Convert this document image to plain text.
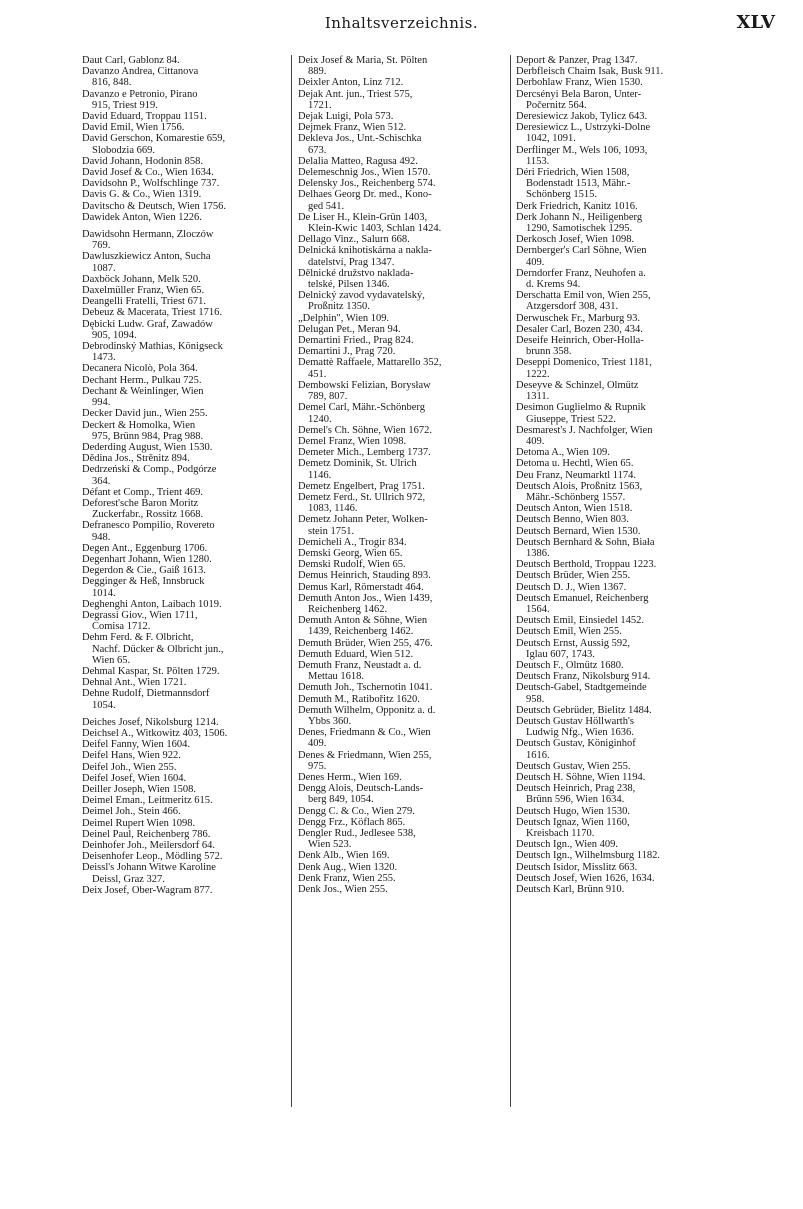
Inhaltsverzeichnis.	XLV
Daut Carl, Gablonz 84.
Davanzo Andrea, Cittanova
816, 848.
Davanzo e Petronio, Pirano
915, Triest 919.
David Eduard, Troppau 1151.
David Emil, Wien 1756.
David Gerschon, Komarestie 659,
Slobodzia 669.
David Johann, Hodonin 858.
David Josef & Co., Wien 1634.
Davidsohn P., Wolfschlinge 737.
Davis G. & Co., Wien 1319.
Davitscho & Deutsch, Wien 1756.
Dawidek Anton, Wien 1226.
Dawidsohn Hermann, Zloczów
769.
Dawluszkiewicz Anton, Sucha
1087.
Daxböck Johann, Melk 520.
Daxelmüller Franz, Wien 65.
Deangelli Fratelli, Triest 671.
Debeuz & Macerata, Triest 1716.
Dębicki Ludw. Graf, Zawadów
905, 1094.
Debrodinský Mathias, Königseck
1473.
Decanera Nicolò, Pola 364.
Dechant Herm., Pulkau 725.
Dechant & Weinlinger, Wien
994.
Decker David jun., Wien 255.
Deckert & Homolka, Wien
975, Brünn 984, Prag 988.
Dederding August, Wien 1530.
Dědina Jos., Strěnitz 894.
Dedrzeński & Comp., Podgórze
364.
Défant et Comp., Trient 469.
Deforest'sche Baron Moritz
Zuckerfabr., Rossitz 1668.
Defranesco Pompilio, Rovereto
948.
Degen Ant., Eggenburg 1706.
Degenhart Johann, Wien 1280.
Degerdon & Cie., Gaiß 1613.
Degginger & Heß, Innsbruck
1014.
Deghenghi Anton, Laibach 1019.
Degrassi Giov., Wien 1711,
Comisa 1712.
Dehm Ferd. & F. Olbricht,
Nachf. Dücker & Olbricht jun.,
Wien 65.
Dehmal Kaspar, St. Pölten 1729.
Dehnal Ant., Wien 1721.
Dehne Rudolf, Dietmannsdorf
1054.
Deiches Josef, Nikolsburg 1214.
Deichsel A., Witkowitz 403, 1506.
Deifel Fanny, Wien 1604.
Deifel Hans, Wien 922.
Deifel Joh., Wien 255.
Deifel Josef, Wien 1604.
Deiller Joseph, Wien 1508.
Deimel Eman., Leitmeritz 615.
Deimel Joh., Stein 466.
Deimel Rupert Wien 1098.
Deinel Paul, Reichenberg 786.
Deinhofer Joh., Meilersdorf 64.
Deisenhofer Leop., Mödling 572.
Deissl's Johann Witwe Karoline
Deissl, Graz 327.
Deix Josef, Ober-Wagram 877.
Deix Josef & Maria, St. Pölten
889.
Deixler Anton, Linz 712.
Dejak Ant. jun., Triest 575,
1721.
Dejak Luigi, Pola 573.
Dejmek Franz, Wien 512.
Dekleva Jos., Unt.-Schischka
673.
Delalia Matteo, Ragusa 492.
Delemeschnig Jos., Wien 1570.
Delensky Jos., Reichenberg 574.
Delhaes Georg Dr. med., Kono-
ged 541.
De Liser H., Klein-Grün 1403,
Klein-Kwic 1403, Schlan 1424.
Dellago Vinz., Salurn 668.
Delnická knihotiskárna a nakla-
datelství, Prag 1347.
Dělnické družstvo naklada-
telské, Pilsen 1346.
Delnický zavod vydavatelský,
Proßnitz 1350.
„Delphin", Wien 109.
Delugan Pet., Meran 94.
Demartini Fried., Prag 824.
Demartini J., Prag 720.
Demattè Raffaele, Mattarello 352,
451.
Dembowski Felizian, Borysław
789, 807.
Demel Carl, Mähr.-Schönberg
1240.
Demel's Ch. Söhne, Wien 1672.
Demel Franz, Wien 1098.
Demeter Mich., Lemberg 1737.
Demetz Dominik, St. Ulrich
1146.
Demetz Engelbert, Prag 1751.
Demetz Ferd., St. Ullrich 972,
1083, 1146.
Demetz Johann Peter, Wolken-
stein 1751.
Demicheli A., Trogir 834.
Demski Georg, Wien 65.
Demski Rudolf, Wien 65.
Demus Heinrich, Stauding 893.
Demus Karl, Römerstadt 464.
Demuth Anton Jos., Wien 1439,
Reichenberg 1462.
Demuth Anton & Söhne, Wien
1439, Reichenberg 1462.
Demuth Brüder, Wien 255, 476.
Demuth Eduard, Wien 512.
Demuth Franz, Neustadt a. d.
Mettau 1618.
Demuth Joh., Tschernotin 1041.
Demuth M., Ratibořitz 1620.
Demuth Wilhelm, Opponitz a. d.
Ybbs 360.
Denes, Friedmann & Co., Wien
409.
Denes & Friedmann, Wien 255,
975.
Denes Herm., Wien 169.
Dengg Alois, Deutsch-Lands-
berg 849, 1054.
Dengg C. & Co., Wien 279.
Dengg Frz., Köflach 865.
Dengler Rud., Jedlesee 538,
Wien 523.
Denk Alb., Wien 169.
Denk Aug., Wien 1320.
Denk Franz, Wien 255.
Denk Jos., Wien 255.
Deport & Panzer, Prag 1347.
Derbfleisch Chaim Isak, Busk 911.
Derbohlaw Franz, Wien 1530.
Dercsényi Bela Baron, Unter-
Počernitz 564.
Deresiewicz Jakob, Tylicz 643.
Deresiewicz L., Ustrzyki-Dolne
1042, 1091.
Derflinger M., Wels 106, 1093,
1153.
Déri Friedrich, Wien 1508,
Bodenstadt 1513, Mähr.-
Schönberg 1515.
Derk Friedrich, Kanitz 1016.
Derk Johann N., Heiligenberg
1290, Samotischek 1295.
Derkosch Josef, Wien 1098.
Dernberger's Carl Söhne, Wien
409.
Derndorfer Franz, Neuhofen a.
d. Krems 94.
Derschatta Emil von, Wien 255,
Atzgersdorf 308, 431.
Derwuschek Fr., Marburg 93.
Desaler Carl, Bozen 230, 434.
Deseife Heinrich, Ober-Holla-
brunn 358.
Deseppi Domenico, Triest 1181,
1222.
Deseyve & Schinzel, Olmütz
1311.
Desimon Guglielmo & Rupnik
Giuseppe, Triest 522.
Desmarest's J. Nachfolger, Wien
409.
Detoma A., Wien 109.
Detoma u. Hechtl, Wien 65.
Deu Franz, Neumarktl 1174.
Deutsch Alois, Proßnitz 1563,
Mähr.-Schönberg 1557.
Deutsch Anton, Wien 1518.
Deutsch Benno, Wien 803.
Deutsch Bernard, Wien 1530.
Deutsch Bernhard & Sohn, Biała
1386.
Deutsch Berthold, Troppau 1223.
Deutsch Brüder, Wien 255.
Deutsch D. J., Wien 1367.
Deutsch Emanuel, Reichenberg
1564.
Deutsch Emil, Einsiedel 1452.
Deutsch Emil, Wien 255.
Deutsch Ernst, Aussig 592,
Iglau 607, 1743.
Deutsch F., Olmütz 1680.
Deutsch Franz, Nikolsburg 914.
Deutsch-Gabel, Stadtgemeinde
958.
Deutsch Gebrüder, Bielitz 1484.
Deutsch Gustav Höllwarth's
Ludwig Nfg., Wien 1636.
Deutsch Gustav, Königinhof
1616.
Deutsch Gustav, Wien 255.
Deutsch H. Söhne, Wien 1194.
Deutsch Heinrich, Prag 238,
Brünn 596, Wien 1634.
Deutsch Hugo, Wien 1530.
Deutsch Ignaz, Wien 1160,
Kreisbach 1170.
Deutsch Ign., Wien 409.
Deutsch Ign., Wilhelmsburg 1182.
Deutsch Isidor, Misslitz 663.
Deutsch Josef, Wien 1626, 1634.
Deutsch Karl, Brünn 910.
